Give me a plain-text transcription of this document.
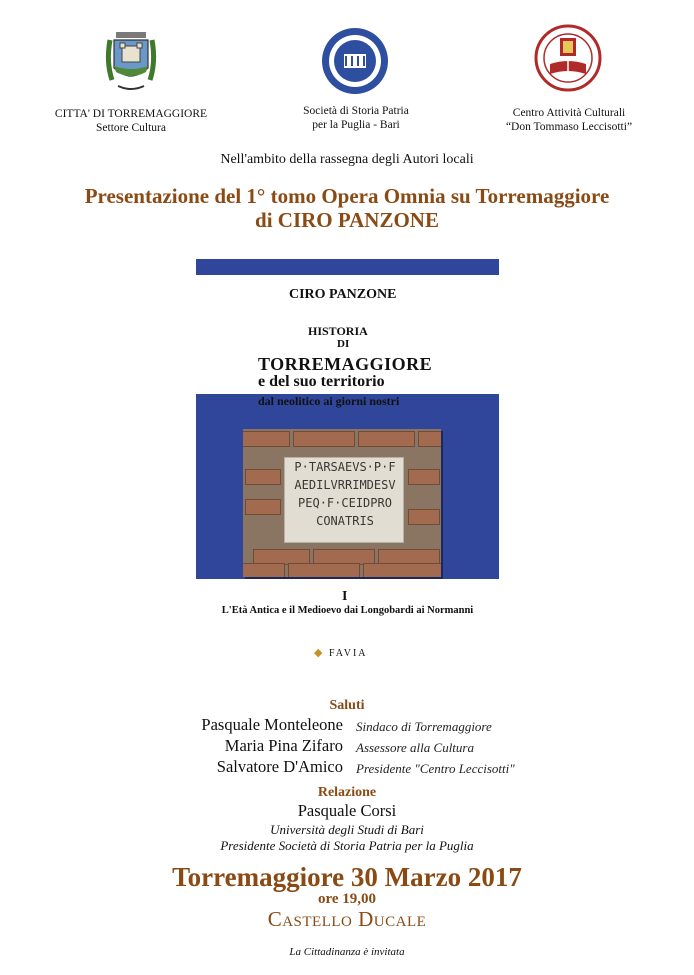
CITTA' DI TORREMAGGIORE
Settore Cultura
Società di Storia Patria
per la Puglia - Bari
Centro Attività Culturali
“Don Tommaso Leccisotti”
Nell'ambito della rassegna degli Autori locali
Presentazione del 1° tomo Opera Omnia su Torremaggiore
di CIRO PANZONE
CIRO PANZONE
HISTORIA
DI
TORREMAGGIORE
e del suo territorio
P·TARSAEVS·P·F
AEDILVRRIMDESV
PEQ·F·CEIDPRO
CONATRIS
I
L'Età Antica e il Medioevo dai Longobardi ai Normanni
◆ FAVIA
dal neolitico ai giorni nostri
Saluti
Pasquale Monteleone Sindaco di Torremaggiore
Maria Pina Zifaro Assessore alla Cultura
Salvatore D'Amico Presidente "Centro Leccisotti"
Relazione
Pasquale Corsi
Università degli Studi di Bari
Presidente Società di Storia Patria per la Puglia
Torremaggiore 30 Marzo 2017
ore 19,00
Castello Ducale
La Cittadinanza è invitata
